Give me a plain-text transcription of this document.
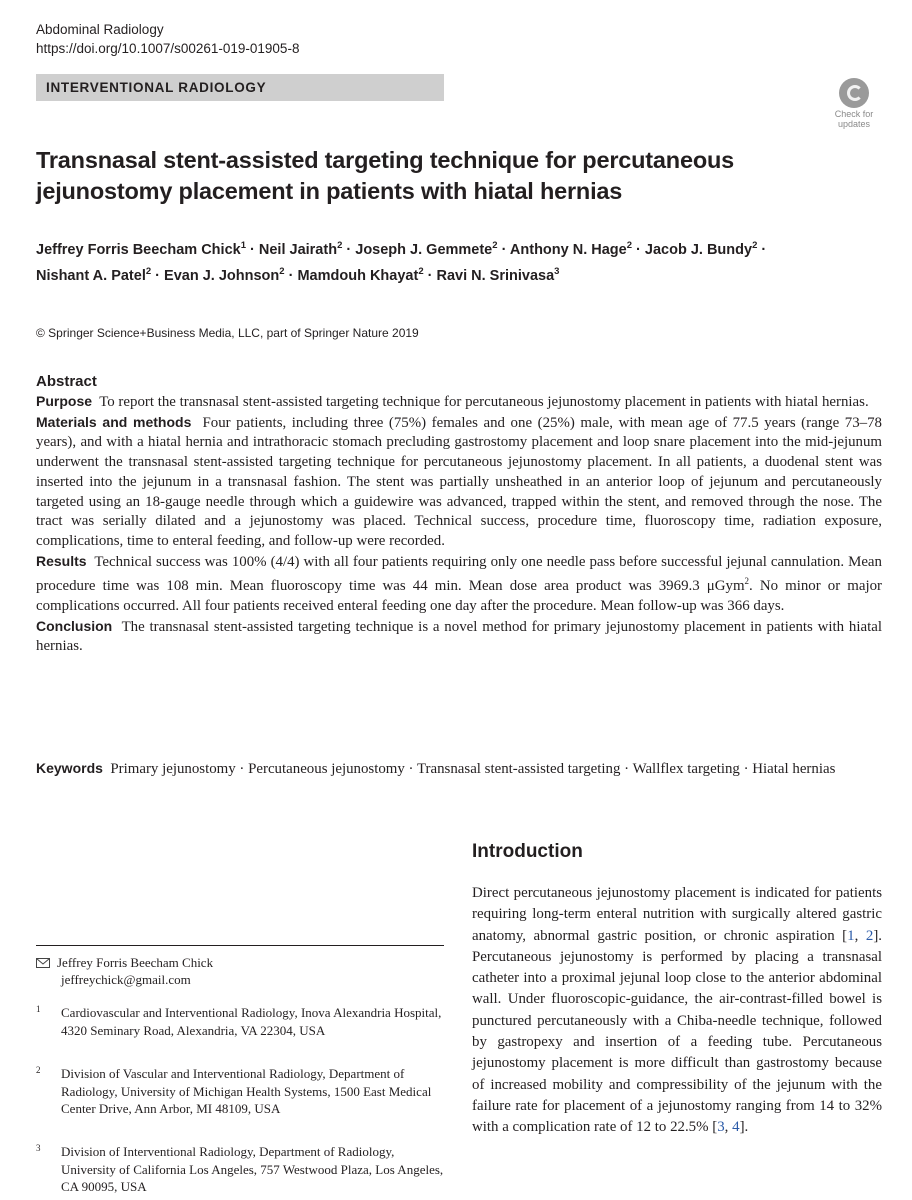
Abdominal Radiology
https://doi.org/10.1007/s00261-019-01905-8
INTERVENTIONAL RADIOLOGY
Check for
updates
Transnasal stent-assisted targeting technique for percutaneous
jejunostomy placement in patients with hiatal hernias
Jeffrey Forris Beecham Chick$^1$ · Neil Jairath$^2$ · Joseph J. Gemmete$^2$ · Anthony N. Hage$^2$ · Jacob J. Bundy$^2$ ·
Nishant A. Patel$^2$ · Evan J. Johnson$^2$ · Mamdouh Khayat$^2$ · Ravi N. Srinivasa$^3$
© Springer Science+Business Media, LLC, part of Springer Nature 2019
Abstract

Purpose To report the transnasal stent-assisted targeting technique for percutaneous jejunostomy placement in patients with hiatal hernias.

Materials and methods Four patients, including three (75%) females and one (25%) male, with mean age of 77.5 years (range 73–78 years), and with a hiatal hernia and intrathoracic stomach precluding gastrostomy placement and loop snare placement into the mid-jejunum underwent the transnasal stent-assisted targeting technique for percutaneous jejunostomy placement. In all patients, a duodenal stent was inserted into the jejunum in a transnasal fashion. The stent was partially unsheathed in an anterior loop of jejunum and percutaneously targeted using an 18-gauge needle through which a guidewire was advanced, trapped within the stent, and removed through the nose. The tract was serially dilated and a jejunostomy was placed. Technical success, procedure time, fluoroscopy time, radiation exposure, complications, time to enteral feeding, and follow-up were recorded.

Results Technical success was 100% (4/4) with all four patients requiring only one needle pass before successful jejunal cannulation. Mean procedure time was 108 min. Mean fluoroscopy time was 44 min. Mean dose area product was 3969.3 μGym$^2$. No minor or major complications occurred. All four patients received enteral feeding one day after the procedure. Mean follow-up was 366 days.

Conclusion The transnasal stent-assisted targeting technique is a novel method for primary jejunostomy placement in patients with hiatal hernias.

Keywords Primary jejunostomy · Percutaneous jejunostomy · Transnasal stent-assisted targeting · Wallflex targeting · Hiatal hernias
Introduction

Direct percutaneous jejunostomy placement is indicated for patients requiring long-term enteral nutrition with surgically altered gastric anatomy, abnormal gastric position, or chronic aspiration [1, 2]. Percutaneous jejunostomy is performed by placing a transnasal catheter into a proximal jejunal loop close to the anterior abdominal wall. Under fluoroscopic-guidance, the air-contrast-filled bowel is punctured percutaneously with a Chiba-needle technique, followed by gastropexy and insertion of a feeding tube. Percutaneous jejunostomy placement is more difficult than gastrostomy because of increased mobility and compressibility of the jejunum with the failure rate for placement of a jejunostomy ranging from 14 to 32% with a complication rate of 12 to 22.5% [3, 4].

Jeffrey Forris Beecham Chick
jeffreychick@gmail.com
1 Cardiovascular and Interventional Radiology, Inova Alexandria Hospital, 4320 Seminary Road, Alexandria, VA 22304, USA
2 Division of Vascular and Interventional Radiology, Department of Radiology, University of Michigan Health Systems, 1500 East Medical Center Drive, Ann Arbor, MI 48109, USA
3 Division of Interventional Radiology, Department of Radiology, University of California Los Angeles, 757 Westwood Plaza, Los Angeles, CA 90095, USA
